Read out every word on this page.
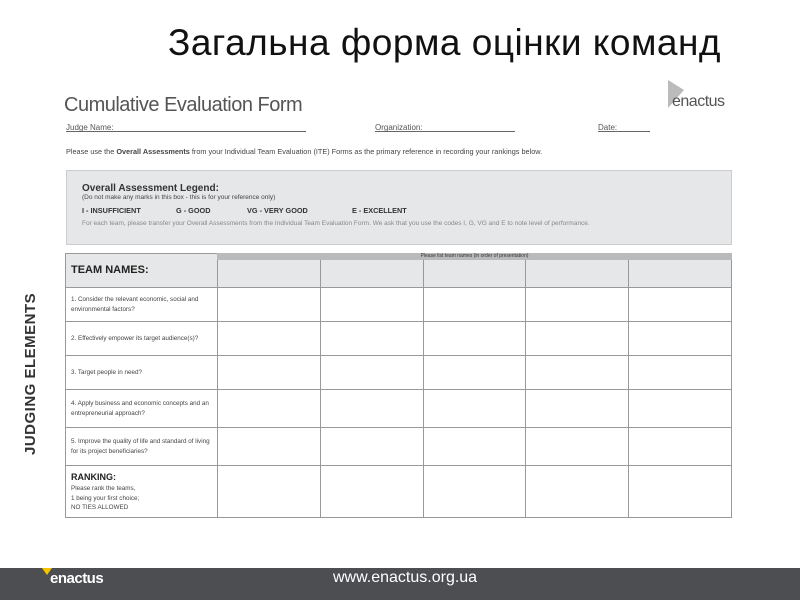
Загальна форма оцінки команд
Cumulative Evaluation Form	enactus
Judge Name:	Organization:	Date:
Please use the Overall Assessments from your Individual Team Evaluation (ITE) Forms as the primary reference in recording your rankings below.
Overall Assessment Legend:
(Do not make any marks in this box - this is for your reference only)
I - INSUFFICIENT	G - GOOD	VG - VERY GOOD	E - EXCELLENT
For each team, please transfer your Overall Assessments from the Individual Team Evaluation Form. We ask that you use the codes I, G, VG and E to note level of performance.
JUDGING ELEMENTS
TEAM NAMES:					
1. Consider the relevant economic, social and environmental factors?					
2. Effectively empower its target audience(s)?					
3. Target people in need?					
4. Apply business and economic concepts and an entrepreneurial approach?					
5. Improve the quality of life and standard of living for its project beneficiaries?					
RANKING:
Please rank the teams,
1 being your first choice;
NO TIES ALLOWED					
Please list team names (in order of presentation)
enactus	www.enactus.org.ua
